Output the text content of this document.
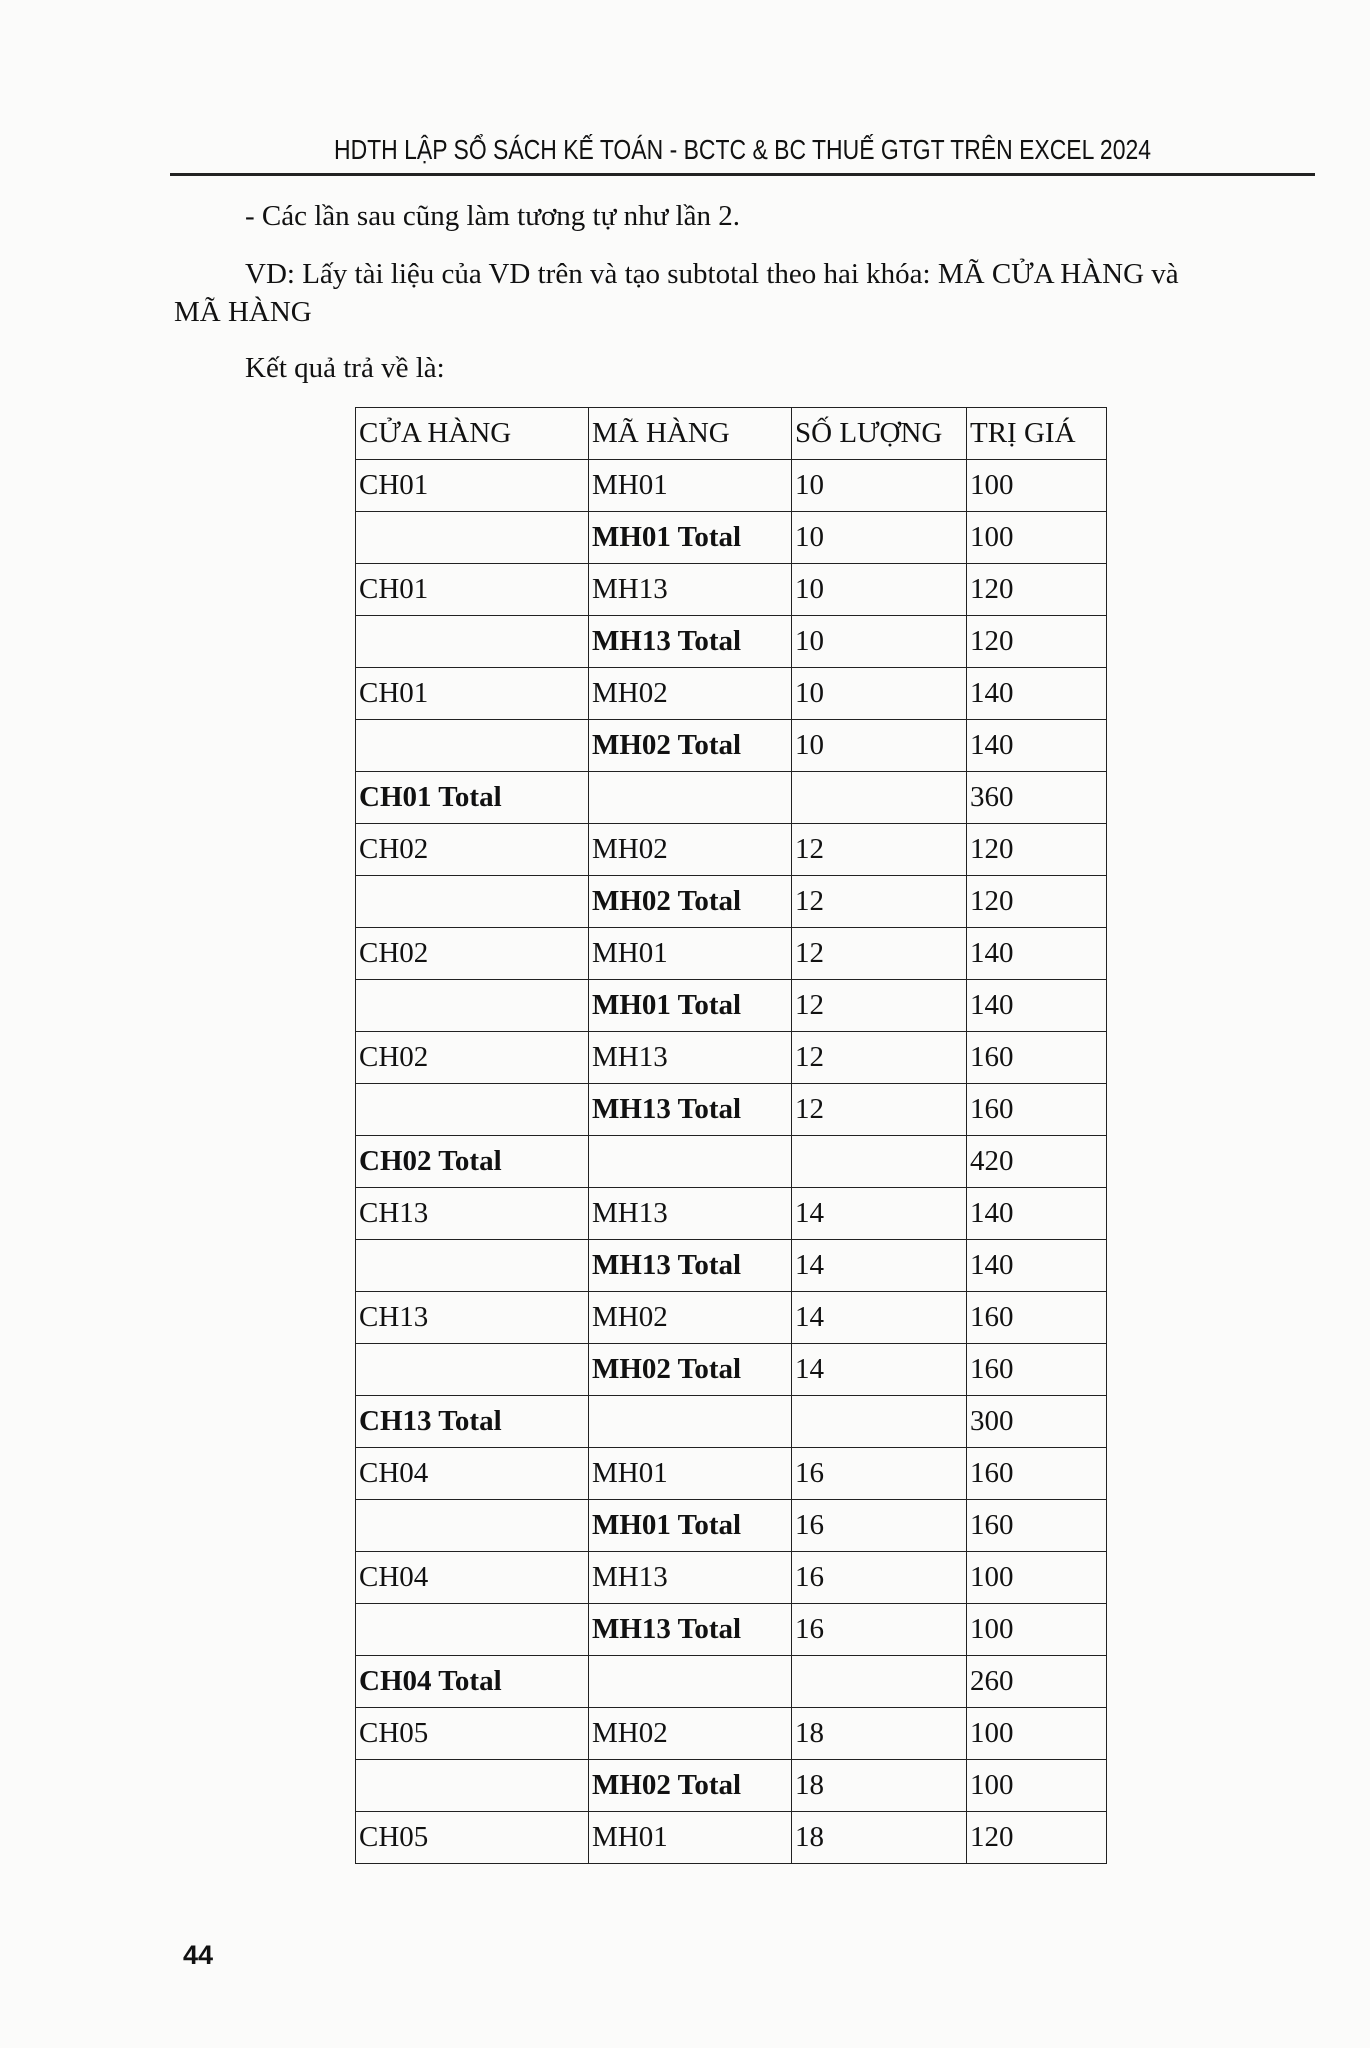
HDTH LẬP SỔ SÁCH KẾ TOÁN - BCTC & BC THUẾ GTGT TRÊN EXCEL 2024
- Các lần sau cũng làm tương tự như lần 2.
VD: Lấy tài liệu của VD trên và tạo subtotal theo hai khóa: MÃ CỬA HÀNG và
MÃ HÀNG
Kết quả trả về là:
CỬA HÀNG	MÃ HÀNG	SỐ LƯỢNG	TRỊ GIÁ
CH01	MH01	10	100
	MH01 Total	10	100
CH01	MH13	10	120
	MH13 Total	10	120
CH01	MH02	10	140
	MH02 Total	10	140
CH01 Total			360
CH02	MH02	12	120
	MH02 Total	12	120
CH02	MH01	12	140
	MH01 Total	12	140
CH02	MH13	12	160
	MH13 Total	12	160
CH02 Total			420
CH13	MH13	14	140
	MH13 Total	14	140
CH13	MH02	14	160
	MH02 Total	14	160
CH13 Total			300
CH04	MH01	16	160
	MH01 Total	16	160
CH04	MH13	16	100
	MH13 Total	16	100
CH04 Total			260
CH05	MH02	18	100
	MH02 Total	18	100
CH05	MH01	18	120
44
